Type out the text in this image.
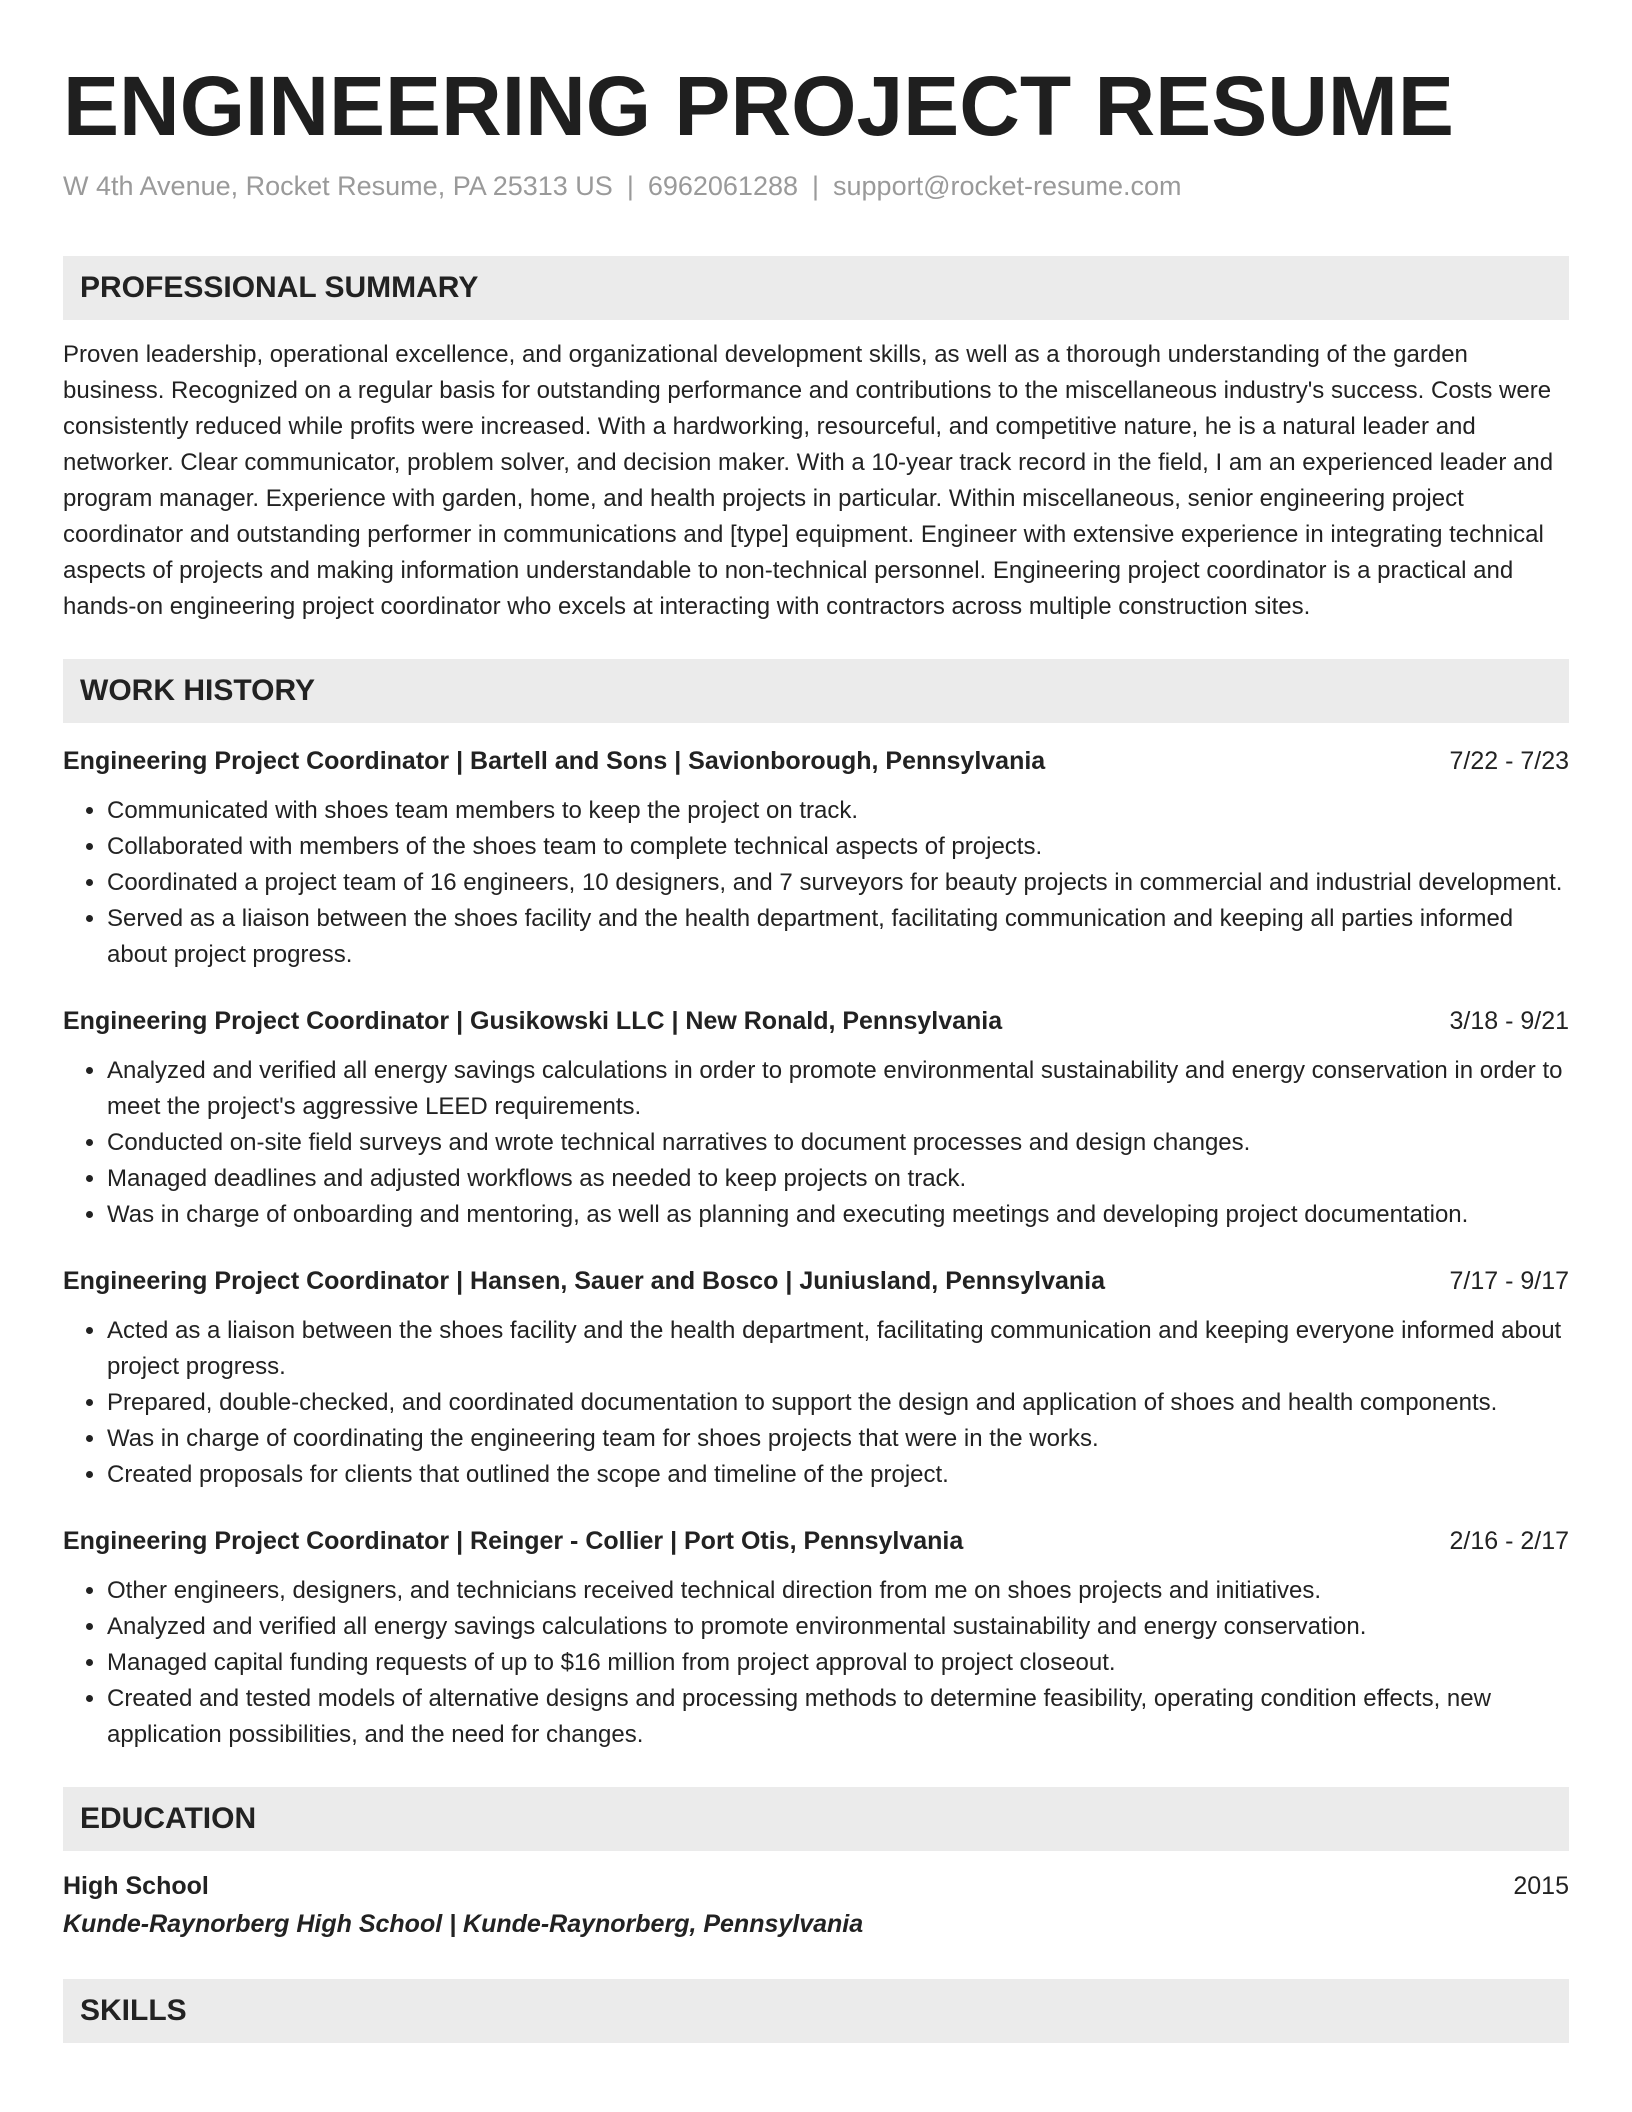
ENGINEERING PROJECT RESUME
W 4th Avenue, Rocket Resume, PA 25313 US | 6962061288 | support@rocket-resume.com
PROFESSIONAL SUMMARY
Proven leadership, operational excellence, and organizational development skills, as well as a thorough understanding of the garden business. Recognized on a regular basis for outstanding performance and contributions to the miscellaneous industry's success. Costs were consistently reduced while profits were increased. With a hardworking, resourceful, and competitive nature, he is a natural leader and networker. Clear communicator, problem solver, and decision maker. With a 10-year track record in the field, I am an experienced leader and program manager. Experience with garden, home, and health projects in particular. Within miscellaneous, senior engineering project coordinator and outstanding performer in communications and [type] equipment. Engineer with extensive experience in integrating technical aspects of projects and making information understandable to non-technical personnel. Engineering project coordinator is a practical and hands-on engineering project coordinator who excels at interacting with contractors across multiple construction sites.
WORK HISTORY
Engineering Project Coordinator | Bartell and Sons | Savionborough, Pennsylvania	7/22 - 7/23
• Communicated with shoes team members to keep the project on track.
• Collaborated with members of the shoes team to complete technical aspects of projects.
• Coordinated a project team of 16 engineers, 10 designers, and 7 surveyors for beauty projects in commercial and industrial development.
• Served as a liaison between the shoes facility and the health department, facilitating communication and keeping all parties informed about project progress.
Engineering Project Coordinator | Gusikowski LLC | New Ronald, Pennsylvania	3/18 - 9/21
• Analyzed and verified all energy savings calculations in order to promote environmental sustainability and energy conservation in order to meet the project's aggressive LEED requirements.
• Conducted on-site field surveys and wrote technical narratives to document processes and design changes.
• Managed deadlines and adjusted workflows as needed to keep projects on track.
• Was in charge of onboarding and mentoring, as well as planning and executing meetings and developing project documentation.
Engineering Project Coordinator | Hansen, Sauer and Bosco | Juniusland, Pennsylvania	7/17 - 9/17
• Acted as a liaison between the shoes facility and the health department, facilitating communication and keeping everyone informed about project progress.
• Prepared, double-checked, and coordinated documentation to support the design and application of shoes and health components.
• Was in charge of coordinating the engineering team for shoes projects that were in the works.
• Created proposals for clients that outlined the scope and timeline of the project.
Engineering Project Coordinator | Reinger - Collier | Port Otis, Pennsylvania	2/16 - 2/17
• Other engineers, designers, and technicians received technical direction from me on shoes projects and initiatives.
• Analyzed and verified all energy savings calculations to promote environmental sustainability and energy conservation.
• Managed capital funding requests of up to $16 million from project approval to project closeout.
• Created and tested models of alternative designs and processing methods to determine feasibility, operating condition effects, new application possibilities, and the need for changes.
EDUCATION
High School	2015
Kunde-Raynorberg High School | Kunde-Raynorberg, Pennsylvania
SKILLS
